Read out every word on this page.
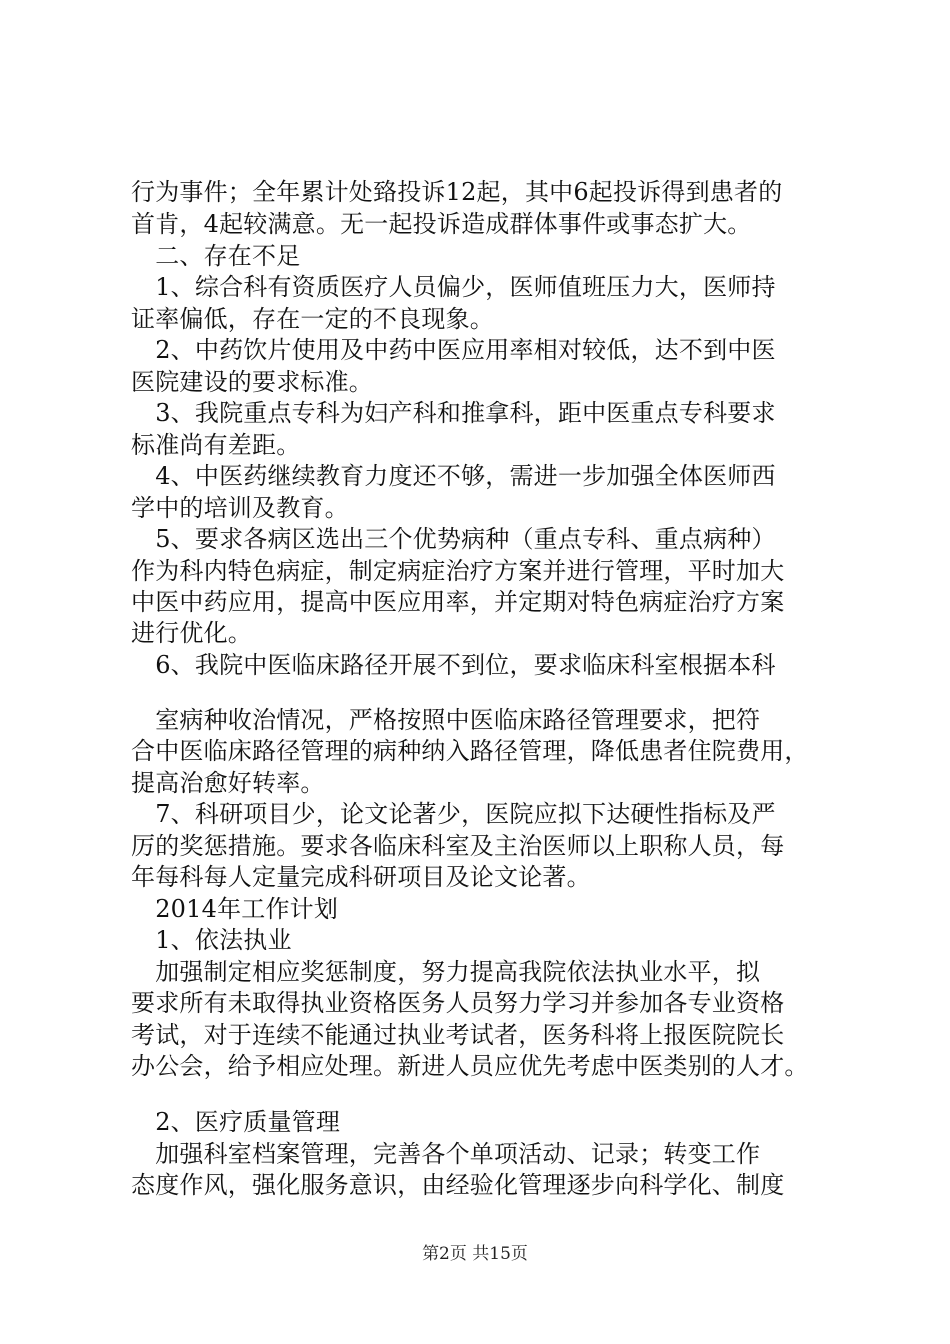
行为事件；全年累计处臵投诉12起，其中6起投诉得到患者的
首肯，4起较满意。无一起投诉造成群体事件或事态扩大。
　二、存在不足
　1、综合科有资质医疗人员偏少，医师值班压力大，医师持
证率偏低，存在一定的不良现象。
　2、中药饮片使用及中药中医应用率相对较低，达不到中医
医院建设的要求标准。
　3、我院重点专科为妇产科和推拿科，距中医重点专科要求
标准尚有差距。
　4、中医药继续教育力度还不够，需进一步加强全体医师西
学中的培训及教育。
　5、要求各病区选出三个优势病种（重点专科、重点病种）
作为科内特色病症，制定病症治疗方案并进行管理，平时加大
中医中药应用，提高中医应用率，并定期对特色病症治疗方案
进行优化。
　6、我院中医临床路径开展不到位，要求临床科室根据本科
　室病种收治情况，严格按照中医临床路径管理要求，把符
合中医临床路径管理的病种纳入路径管理，降低患者住院费用，
提高治愈好转率。
　7、科研项目少，论文论著少，医院应拟下达硬性指标及严
厉的奖惩措施。要求各临床科室及主治医师以上职称人员，每
年每科每人定量完成科研项目及论文论著。
　2014年工作计划
　1、依法执业
　加强制定相应奖惩制度，努力提高我院依法执业水平，拟
要求所有未取得执业资格医务人员努力学习并参加各专业资格
考试，对于连续不能通过执业考试者，医务科将上报医院院长
办公会，给予相应处理。新进人员应优先考虑中医类别的人才。
　2、医疗质量管理
　加强科室档案管理，完善各个单项活动、记录；转变工作
态度作风，强化服务意识，由经验化管理逐步向科学化、制度
第2页 共15页
